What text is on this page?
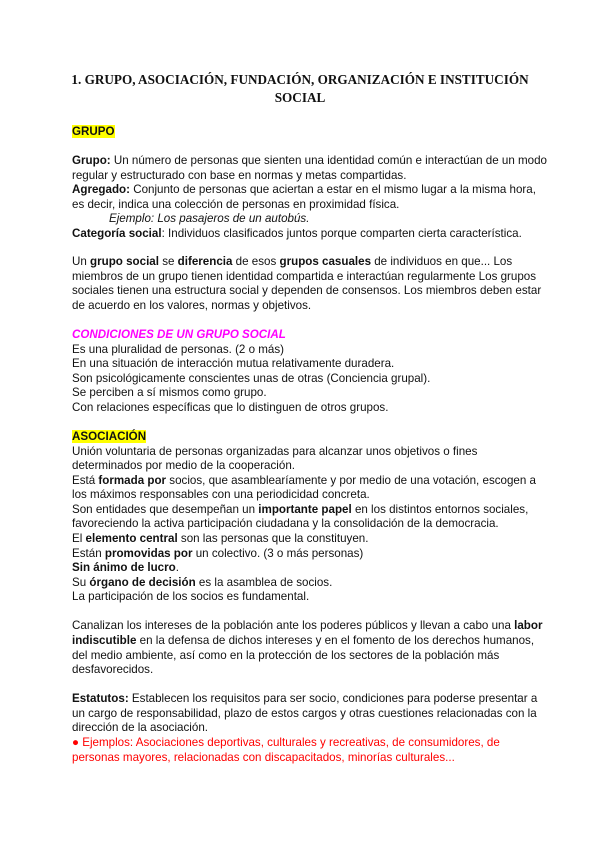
1. GRUPO, ASOCIACIÓN, FUNDACIÓN, ORGANIZACIÓN E INSTITUCIÓN
SOCIAL
GRUPO
Grupo: Un número de personas que sienten una identidad común e interactúan de un modo
regular y estructurado con base en normas y metas compartidas.
Agregado: Conjunto de personas que aciertan a estar en el mismo lugar a la misma hora,
es decir, indica una colección de personas en proximidad física.
Ejemplo: Los pasajeros de un autobús.
Categoría social: Individuos clasificados juntos porque comparten cierta característica.
Un grupo social se diferencia de esos grupos casuales de individuos en que... Los
miembros de un grupo tienen identidad compartida e interactúan regularmente Los grupos
sociales tienen una estructura social y dependen de consensos. Los miembros deben estar
de acuerdo en los valores, normas y objetivos.
CONDICIONES DE UN GRUPO SOCIAL
Es una pluralidad de personas. (2 o más)
En una situación de interacción mutua relativamente duradera.
Son psicológicamente conscientes unas de otras (Conciencia grupal).
Se perciben a sí mismos como grupo.
Con relaciones específicas que lo distinguen de otros grupos.
ASOCIACIÓN
Unión voluntaria de personas organizadas para alcanzar unos objetivos o fines
determinados por medio de la cooperación.
Está formada por socios, que asamblearíamente y por medio de una votación, escogen a
los máximos responsables con una periodicidad concreta.
Son entidades que desempeñan un importante papel en los distintos entornos sociales,
favoreciendo la activa participación ciudadana y la consolidación de la democracia.
El elemento central son las personas que la constituyen.
Están promovidas por un colectivo. (3 o más personas)
Sin ánimo de lucro.
Su órgano de decisión es la asamblea de socios.
La participación de los socios es fundamental.
Canalizan los intereses de la población ante los poderes públicos y llevan a cabo una labor
indiscutible en la defensa de dichos intereses y en el fomento de los derechos humanos,
del medio ambiente, así como en la protección de los sectores de la población más
desfavorecidos.
Estatutos: Establecen los requisitos para ser socio, condiciones para poderse presentar a
un cargo de responsabilidad, plazo de estos cargos y otras cuestiones relacionadas con la
dirección de la asociación.
● Ejemplos: Asociaciones deportivas, culturales y recreativas, de consumidores, de
personas mayores, relacionadas con discapacitados, minorías culturales...
